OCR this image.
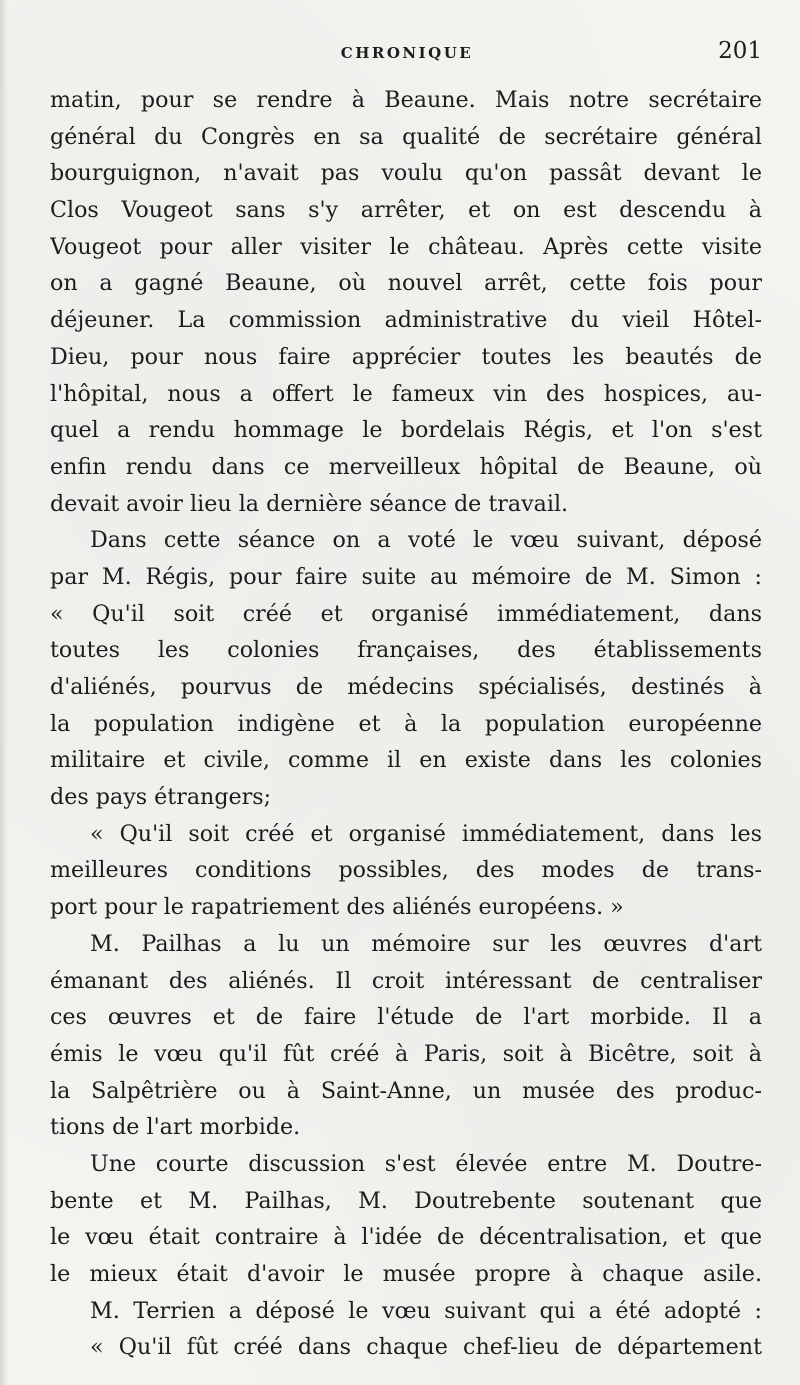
CHRONIQUE	201
matin, pour se rendre à Beaune. Mais notre secrétaire
général du Congrès en sa qualité de secrétaire général
bourguignon, n'avait pas voulu qu'on passât devant le
Clos Vougeot sans s'y arrêter, et on est descendu à
Vougeot pour aller visiter le château. Après cette visite
on a gagné Beaune, où nouvel arrêt, cette fois pour
déjeuner. La commission administrative du vieil Hôtel-
Dieu, pour nous faire apprécier toutes les beautés de
l'hôpital, nous a offert le fameux vin des hospices, au-
quel a rendu hommage le bordelais Régis, et l'on s'est
enfin rendu dans ce merveilleux hôpital de Beaune, où
devait avoir lieu la dernière séance de travail.
Dans cette séance on a voté le vœu suivant, déposé
par M. Régis, pour faire suite au mémoire de M. Simon :
« Qu'il soit créé et organisé immédiatement, dans
toutes les colonies françaises, des établissements
d'aliénés, pourvus de médecins spécialisés, destinés à
la population indigène et à la population européenne
militaire et civile, comme il en existe dans les colonies
des pays étrangers;
« Qu'il soit créé et organisé immédiatement, dans les
meilleures conditions possibles, des modes de trans-
port pour le rapatriement des aliénés européens. »
M. Pailhas a lu un mémoire sur les œuvres d'art
émanant des aliénés. Il croit intéressant de centraliser
ces œuvres et de faire l'étude de l'art morbide. Il a
émis le vœu qu'il fût créé à Paris, soit à Bicêtre, soit à
la Salpêtrière ou à Saint-Anne, un musée des produc-
tions de l'art morbide.
Une courte discussion s'est élevée entre M. Doutre-
bente et M. Pailhas, M. Doutrebente soutenant que
le vœu était contraire à l'idée de décentralisation, et que
le mieux était d'avoir le musée propre à chaque asile.
M. Terrien a déposé le vœu suivant qui a été adopté :
« Qu'il fût créé dans chaque chef-lieu de département
